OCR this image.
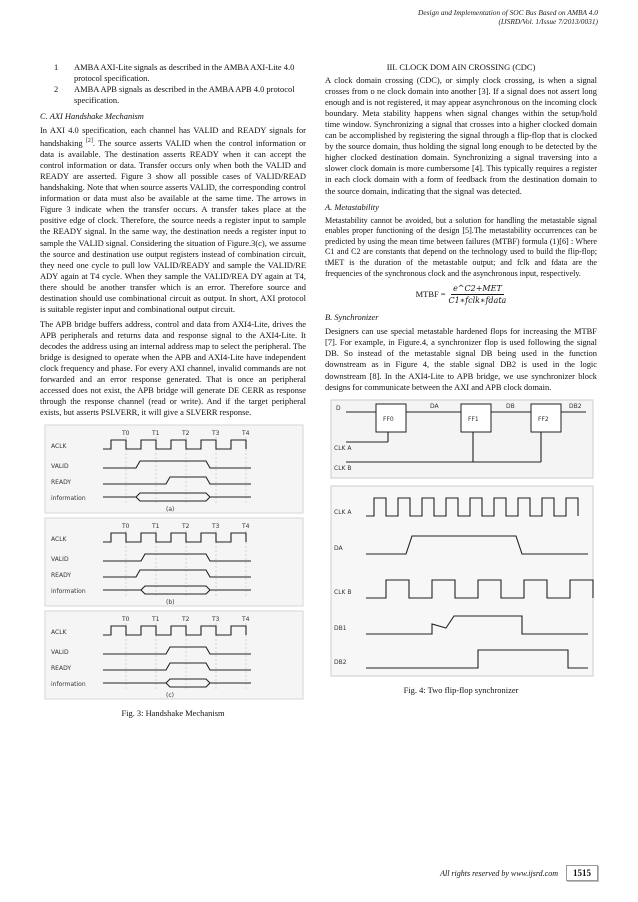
Design and Implementation of SOC Bus Based on AMBA 4.0
(IJSRD/Vol. 1/Issue 7/2013/0031)
1	AMBA AXI-Lite signals as described in the AMBA AXI-Lite 4.0 protocol specification.
2	AMBA APB signals as described in the AMBA APB 4.0 protocol specification.
C. AXI Handshake Mechanism

In AXI 4.0 specification, each channel has VALID and READY signals for handshaking [2]. The source asserts VALID when the control information or data is available. The destination asserts READY when it can accept the control information or data. Transfer occurs only when both the VALID and READY are asserted. Figure 3 show all possible cases of VALID/READ handshaking. Note that when source asserts VALID, the corresponding control information or data must also be available at the same time. The arrows in Figure 3 indicate when the transfer occurs. A transfer takes place at the positive edge of clock. Therefore, the source needs a register input to sample the READY signal. In the same way, the destination needs a register input to sample the VALID signal. Considering the situation of Figure.3(c), we assume the source and destination use output registers instead of combination circuit, they need one cycle to pull low VALID/READY and sample the VALID/RE ADY again at T4 cycle. When they sample the VALID/REA DY again at T4, there should be another transfer which is an error. Therefore source and destination should use combinational circuit as output. In short, AXI protocol is suitable register input and combinational output circuit.

The APB bridge buffers address, control and data from AXI4-Lite, drives the APB peripherals and returns data and response signal to the AXI4-Lite. It decodes the address using an internal address map to select the peripheral. The bridge is designed to operate when the APB and AXI4-Lite have independent clock frequency and phase. For every AXI channel, invalid commands are not forwarded and an error response generated. That is once an peripheral accessed does not exist, the APB bridge will generate DE CERR as response through the response channel (read or write). And if the target peripheral exists, but asserts PSLVERR, it will give a SLVERR response.

T0	T1	T2	T3	T4
ACLK
VALID
READY
information
(a)
T0	T1	T2	T3	T4
ACLK
VALID
READY
information
(b)
T0	T1	T2	T3	T4
ACLK
VALID
READY
information
(c)
Fig. 3: Handshake Mechanism
III. CLOCK DOM AIN CROSSING (CDC)

A clock domain crossing (CDC), or simply clock crossing, is when a signal crosses from o ne clock domain into another [3]. If a signal does not assert long enough and is not registered, it may appear asynchronous on the incoming clock boundary. Meta stability happens when signal changes within the setup/hold time window. Synchronizing a signal that crosses into a higher clocked domain can be accomplished by registering the signal through a flip-flop that is clocked by the source domain, thus holding the signal long enough to be detected by the higher clocked destination domain. Synchronizing a signal traversing into a slower clock domain is more cumbersome [4]. This typically requires a register in each clock domain with a form of feedback from the destination domain to the source domain, indicating that the signal was detected.

A. Metastability

Metastability cannot be avoided, but a solution for handling the metastable signal enables proper functioning of the design [5].The metastability occurrences can be predicted by using the mean time between failures (MTBF) formula (1)[6] : Where C1 and C2 are constants that depend on the technology used to build the flip-flop; tMET is the duration of the metastable output; and fclk and fdata are the frequencies of the synchronous clock and the asynchronous input, respectively.

MTBF = $\frac{\text{e\textasciicircum{}C2+MET}}{\text{C1∗fclk∗fdata}}$
B. Synchronizer

Designers can use special metastable hardened flops for increasing the MTBF [7]. For example, in Figure.4, a synchronizer flop is used following the signal DB. So instead of the metastable signal DB being used in the function downstream as in Figure 4, the stable signal DB2 is used in the logic downstream [8]. In the AXI4-Lite to APB bridge, we use synchronizer block designs for communicate between the AXI and APB clock domain.

D	DA	DB	DB2
FF0	FF1	FF2
CLK A
CLK B
CLK A
DA
CLK B
DB1
DB2
Fig. 4: Two flip-flop synchronizer
All rights reserved by www.ijsrd.com	1515
